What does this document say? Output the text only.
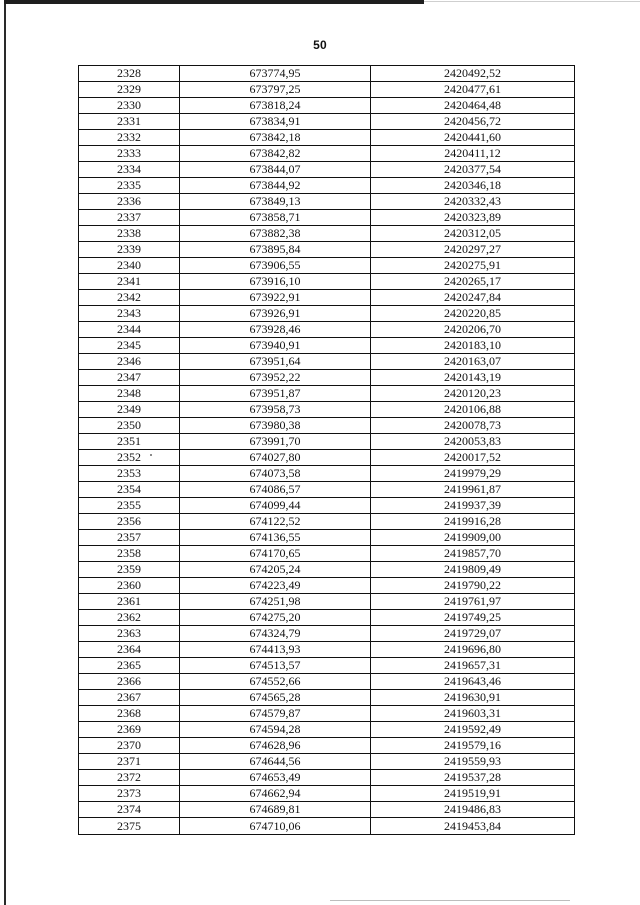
50
2328	673774,95	2420492,52
2329	673797,25	2420477,61
2330	673818,24	2420464,48
2331	673834,91	2420456,72
2332	673842,18	2420441,60
2333	673842,82	2420411,12
2334	673844,07	2420377,54
2335	673844,92	2420346,18
2336	673849,13	2420332,43
2337	673858,71	2420323,89
2338	673882,38	2420312,05
2339	673895,84	2420297,27
2340	673906,55	2420275,91
2341	673916,10	2420265,17
2342	673922,91	2420247,84
2343	673926,91	2420220,85
2344	673928,46	2420206,70
2345	673940,91	2420183,10
2346	673951,64	2420163,07
2347	673952,22	2420143,19
2348	673951,87	2420120,23
2349	673958,73	2420106,88
2350	673980,38	2420078,73
2351	673991,70	2420053,83
2352	674027,80	2420017,52
2353	674073,58	2419979,29
2354	674086,57	2419961,87
2355	674099,44	2419937,39
2356	674122,52	2419916,28
2357	674136,55	2419909,00
2358	674170,65	2419857,70
2359	674205,24	2419809,49
2360	674223,49	2419790,22
2361	674251,98	2419761,97
2362	674275,20	2419749,25
2363	674324,79	2419729,07
2364	674413,93	2419696,80
2365	674513,57	2419657,31
2366	674552,66	2419643,46
2367	674565,28	2419630,91
2368	674579,87	2419603,31
2369	674594,28	2419592,49
2370	674628,96	2419579,16
2371	674644,56	2419559,93
2372	674653,49	2419537,28
2373	674662,94	2419519,91
2374	674689,81	2419486,83
2375	674710,06	2419453,84
